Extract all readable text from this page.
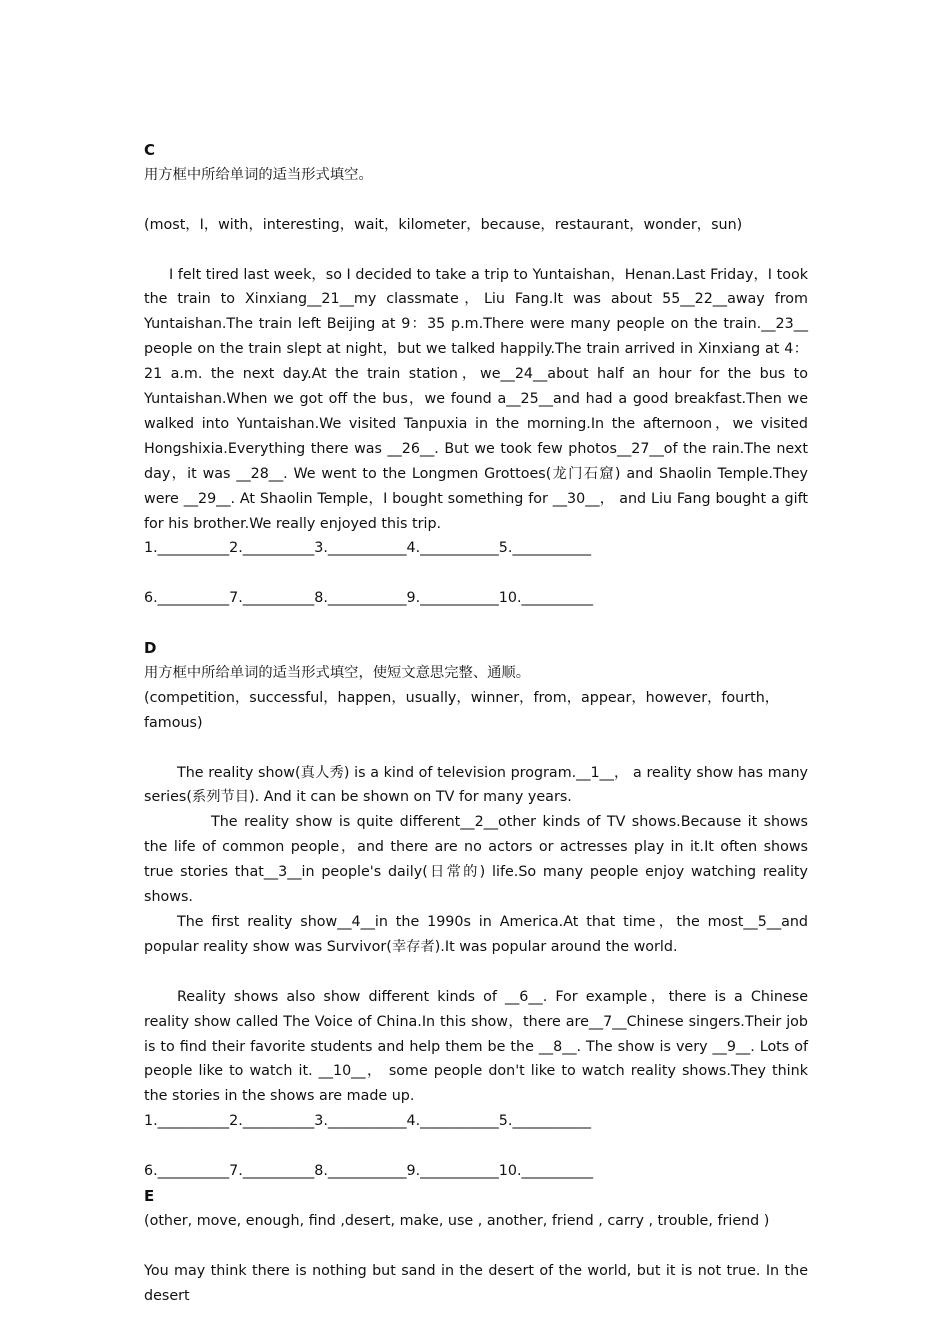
C
用方框中所给单词的适当形式填空。
(most，I，with，interesting，wait，kilometer，because，restaurant，wonder，sun)
I felt tired last week，so I decided to take a trip to Yuntaishan，Henan.Last Friday，I took the train to Xinxiang__21__my classmate，Liu Fang.It was about 55__22__away from Yuntaishan.The train left Beijing at 9：35 p.m.There were many people on the train.__23__ people on the train slept at night，but we talked happily.The train arrived in Xinxiang at 4：21 a.m. the next day.At the train station，we__24__about half an hour for the bus to Yuntaishan.When we got off the bus，we found a__25__and had a good breakfast.Then we walked into Yuntaishan.We visited Tanpuxia in the morning.In the afternoon，we visited Hongshixia.Everything there was __26__. But we took few photos__27__of the rain.The next day，it was __28__. We went to the Longmen Grottoes(龙门石窟) and Shaolin Temple.They were __29__. At Shaolin Temple，I bought something for __30__， and Liu Fang bought a gift for his brother.We really enjoyed this trip.
1.__________2.__________3.___________4.___________5.___________
6.__________7.__________8.___________9.___________10.__________
D
用方框中所给单词的适当形式填空，使短文意思完整、通顺。
(competition，successful，happen，usually，winner，from，appear，however，fourth，famous)
The reality show(真人秀) is a kind of television program.__1__， a reality show has many series(系列节目). And it can be shown on TV for many years.
The reality show is quite different__2__other kinds of TV shows.Because it shows the life of common people，and there are no actors or actresses play in it.It often shows true stories that__3__in people's daily(日常的) life.So many people enjoy watching reality shows.
The first reality show__4__in the 1990s in America.At that time，the most__5__and popular reality show was Survivor(幸存者).It was popular around the world.
Reality shows also show different kinds of __6__. For example，there is a Chinese reality show called The Voice of China.In this show，there are__7__Chinese singers.Their job is to find their favorite students and help them be the __8__. The show is very __9__. Lots of people like to watch it. __10__， some people don't like to watch reality shows.They think the stories in the shows are made up.
1.__________2.__________3.___________4.___________5.___________
6.__________7.__________8.___________9.___________10.__________
E
(other, move, enough, find ,desert, make, use , another, friend , carry , trouble, friend )
You may think there is nothing but sand in the desert of the world, but it is not true. In the desert
